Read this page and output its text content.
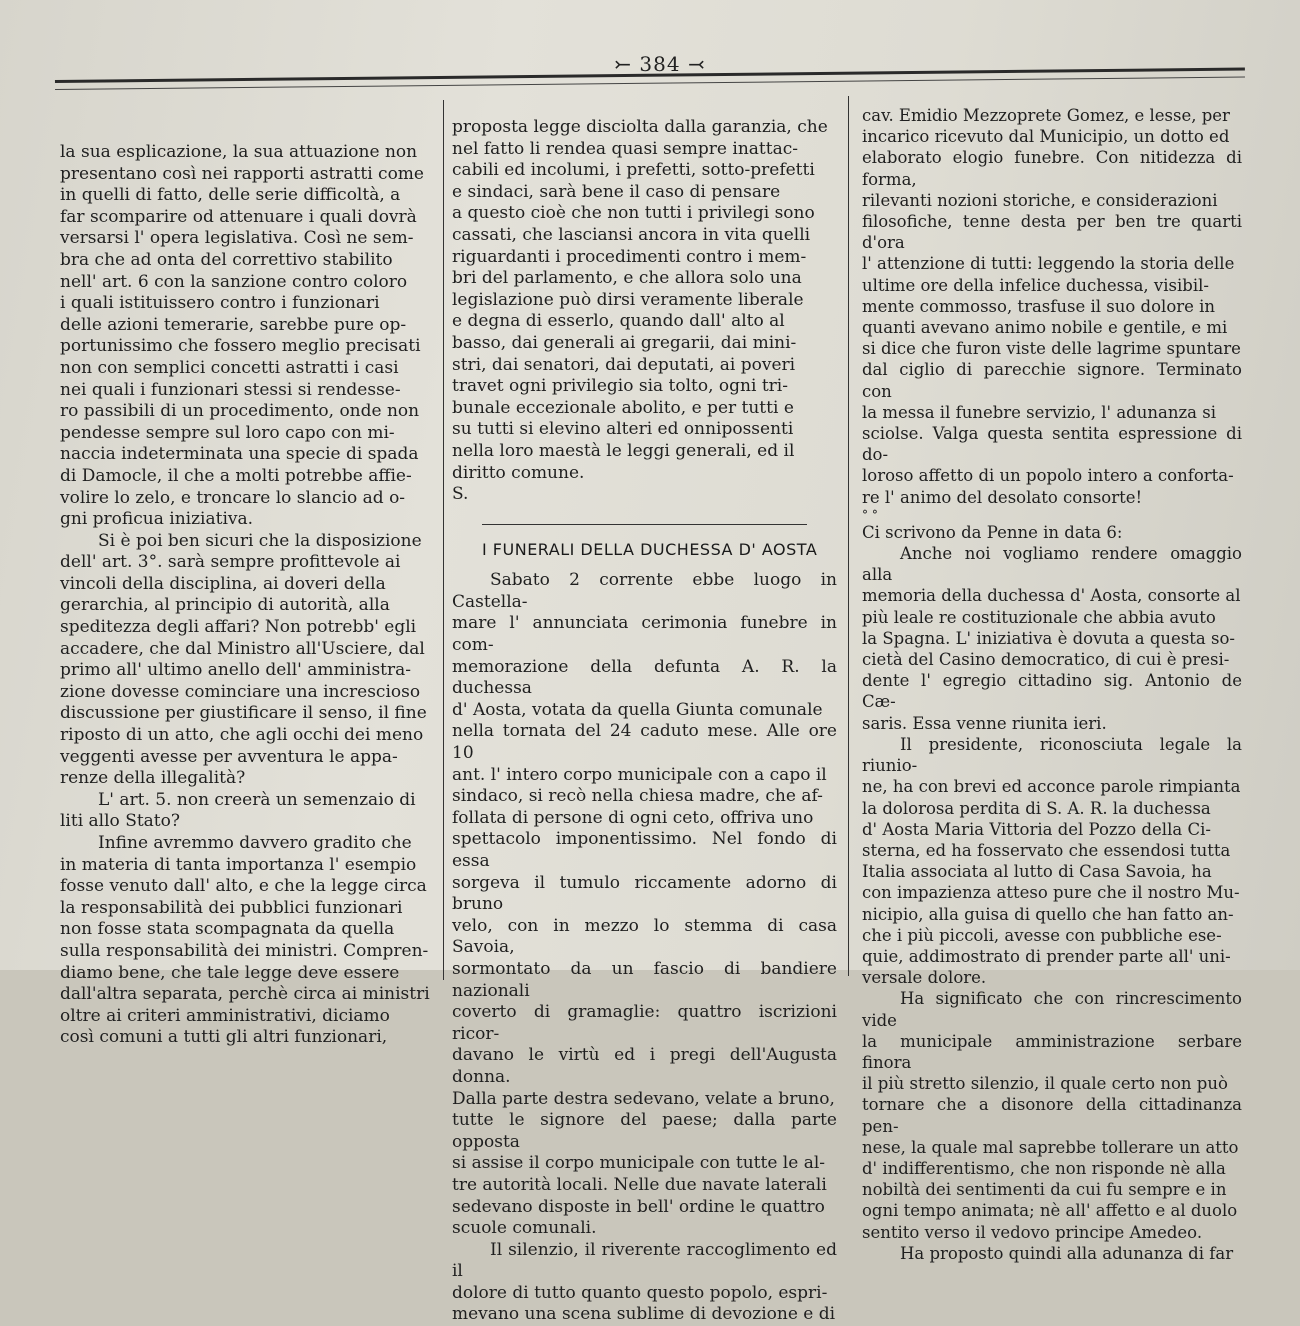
⤚ 384 ⤙

la sua esplicazione, la sua attuazione non
presentano così nei rapporti astratti come
in quelli di fatto, delle serie difficoltà, a
far scomparire od attenuare i quali dovrà
versarsi l' opera legislativa. Così ne sem-
bra che ad onta del correttivo stabilito
nell' art. 6 con la sanzione contro coloro
i quali istituissero contro i funzionari
delle azioni temerarie, sarebbe pure op-
portunissimo che fossero meglio precisati
non con semplici concetti astratti i casi
nei quali i funzionari stessi si rendesse-
ro passibili di un procedimento, onde non
pendesse sempre sul loro capo con mi-
naccia indeterminata una specie di spada
di Damocle, il che a molti potrebbe affie-
volire lo zelo, e troncare lo slancio ad o-
gni proficua iniziativa.

Si è poi ben sicuri che la disposizione
dell' art. 3°. sarà sempre profittevole ai
vincoli della disciplina, ai doveri della
gerarchia, al principio di autorità, alla
speditezza degli affari? Non potrebb' egli
accadere, che dal Ministro all'Usciere, dal
primo all' ultimo anello dell' amministra-
zione dovesse cominciare una increscioso
discussione per giustificare il senso, il fine
riposto di un atto, che agli occhi dei meno
veggenti avesse per avventura le appa-
renze della illegalità?

L' art. 5. non creerà un semenzaio di
liti allo Stato?

Infine avremmo davvero gradito che
in materia di tanta importanza l' esempio
fosse venuto dall' alto, e che la legge circa
la responsabilità dei pubblici funzionari
non fosse stata scompagnata da quella
sulla responsabilità dei ministri. Compren-
diamo bene, che tale legge deve essere
dall'altra separata, perchè circa ai ministri
oltre ai criteri amministrativi, diciamo
così comuni a tutti gli altri funzionari,

proposta legge disciolta dalla garanzia, che
nel fatto li rendea quasi sempre inattac-
cabili ed incolumi, i prefetti, sotto-prefetti
e sindaci, sarà bene il caso di pensare
a questo cioè che non tutti i privilegi sono
cassati, che lasciansi ancora in vita quelli
riguardanti i procedimenti contro i mem-
bri del parlamento, e che allora solo una
legislazione può dirsi veramente liberale
e degna di esserlo, quando dall' alto al
basso, dai generali ai gregarii, dai mini-
stri, dai senatori, dai deputati, ai poveri
travet ogni privilegio sia tolto, ogni tri-
bunale eccezionale abolito, e per tutti e
su tutti si elevino alteri ed onnipossenti
nella loro maestà le leggi generali, ed il
diritto comune.

S.

I FUNERALI DELLA DUCHESSA D' AOSTA

Sabato 2 corrente ebbe luogo in Castella-
mare l' annunciata cerimonia funebre in com-
memorazione della defunta A. R. la duchessa
d' Aosta, votata da quella Giunta comunale
nella tornata del 24 caduto mese. Alle ore 10
ant. l' intero corpo municipale con a capo il
sindaco, si recò nella chiesa madre, che af-
follata di persone di ogni ceto, offriva uno
spettacolo imponentissimo. Nel fondo di essa
sorgeva il tumulo riccamente adorno di bruno
velo, con in mezzo lo stemma di casa Savoia,
sormontato da un fascio di bandiere nazionali
coverto di gramaglie: quattro iscrizioni ricor-
davano le virtù ed i pregi dell'Augusta donna.
Dalla parte destra sedevano, velate a bruno,
tutte le signore del paese; dalla parte opposta
si assise il corpo municipale con tutte le al-
tre autorità locali. Nelle due navate laterali
sedevano disposte in bell' ordine le quattro
scuole comunali.

Il silenzio, il riverente raccoglimento ed il
dolore di tutto quanto questo popolo, espri-
mevano una scena sublime di devozione e di

cav. Emidio Mezzoprete Gomez, e lesse, per
incarico ricevuto dal Municipio, un dotto ed
elaborato elogio funebre. Con nitidezza di forma,
rilevanti nozioni storiche, e considerazioni
filosofiche, tenne desta per ben tre quarti d'ora
l' attenzione di tutti: leggendo la storia delle
ultime ore della infelice duchessa, visibil-
mente commosso, trasfuse il suo dolore in
quanti avevano animo nobile e gentile, e mi
si dice che furon viste delle lagrime spuntare
dal ciglio di parecchie signore. Terminato con
la messa il funebre servizio, l' adunanza si
sciolse. Valga questa sentita espressione di do-
loroso affetto di un popolo intero a conforta-
re l' animo del desolato consorte!

° °

Ci scrivono da Penne in data 6:

Anche noi vogliamo rendere omaggio alla
memoria della duchessa d' Aosta, consorte al
più leale re costituzionale che abbia avuto
la Spagna. L' iniziativa è dovuta a questa so-
cietà del Casino democratico, di cui è presi-
dente l' egregio cittadino sig. Antonio de Cæ-
saris. Essa venne riunita ieri.

Il presidente, riconosciuta legale la riunio-
ne, ha con brevi ed acconce parole rimpianta
la dolorosa perdita di S. A. R. la duchessa
d' Aosta Maria Vittoria del Pozzo della Ci-
sterna, ed ha fosservato che essendosi tutta
Italia associata al lutto di Casa Savoia, ha
con impazienza atteso pure che il nostro Mu-
nicipio, alla guisa di quello che han fatto an-
che i più piccoli, avesse con pubbliche ese-
quie, addimostrato di prender parte all' uni-
versale dolore.

Ha significato che con rincrescimento vide
la municipale amministrazione serbare finora
il più stretto silenzio, il quale certo non può
tornare che a disonore della cittadinanza pen-
nese, la quale mal saprebbe tollerare un atto
d' indifferentismo, che non risponde nè alla
nobiltà dei sentimenti da cui fu sempre e in
ogni tempo animata; nè all' affetto e al duolo
sentito verso il vedovo principe Amedeo.

Ha proposto quindi alla adunanza di far
